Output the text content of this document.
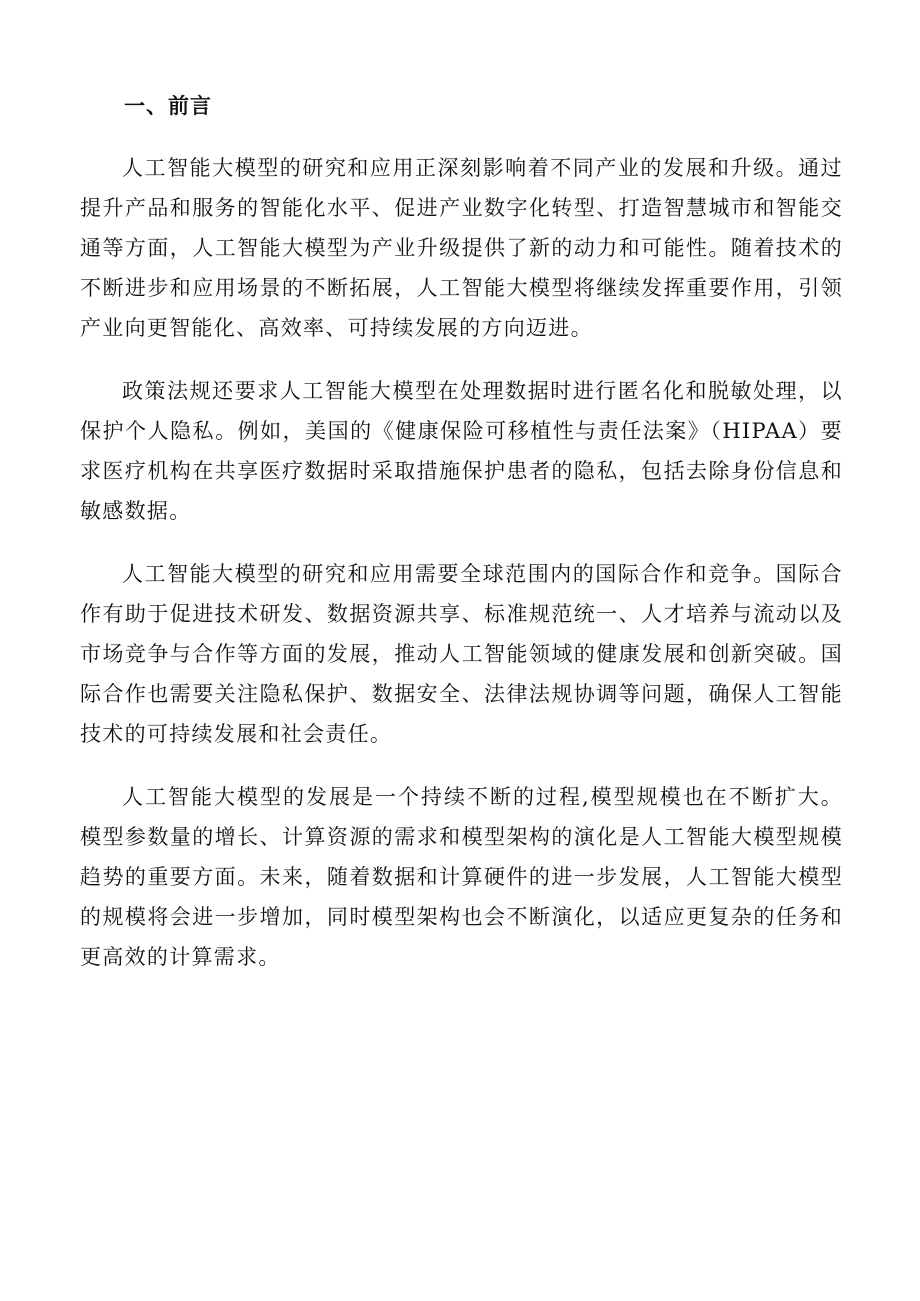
一、前言

人工智能大模型的研究和应用正深刻影响着不同产业的发展和升级。通过提升产品和服务的智能化水平、促进产业数字化转型、打造智慧城市和智能交通等方面，人工智能大模型为产业升级提供了新的动力和可能性。随着技术的不断进步和应用场景的不断拓展，人工智能大模型将继续发挥重要作用，引领产业向更智能化、高效率、可持续发展的方向迈进。

政策法规还要求人工智能大模型在处理数据时进行匿名化和脱敏处理，以保护个人隐私。例如，美国的《健康保险可移植性与责任法案》（HIPAA）要求医疗机构在共享医疗数据时采取措施保护患者的隐私，包括去除身份信息和敏感数据。

人工智能大模型的研究和应用需要全球范围内的国际合作和竞争。国际合作有助于促进技术研发、数据资源共享、标准规范统一、人才培养与流动以及市场竞争与合作等方面的发展，推动人工智能领域的健康发展和创新突破。国际合作也需要关注隐私保护、数据安全、法律法规协调等问题，确保人工智能技术的可持续发展和社会责任。

人工智能大模型的发展是一个持续不断的过程,模型规模也在不断扩大。模型参数量的增长、计算资源的需求和模型架构的演化是人工智能大模型规模趋势的重要方面。未来，随着数据和计算硬件的进一步发展，人工智能大模型的规模将会进一步增加，同时模型架构也会不断演化，以适应更复杂的任务和更高效的计算需求。
